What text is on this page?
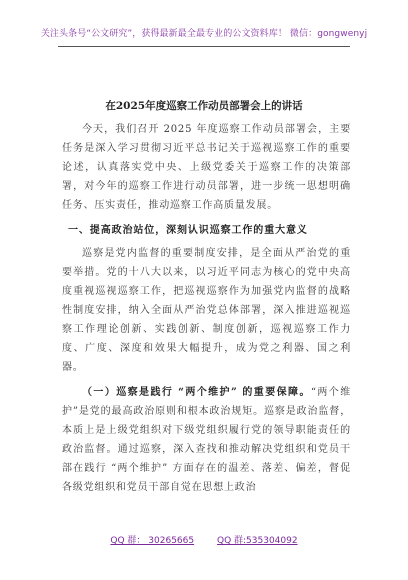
关注头条号“公文研究”，获得最新最全最专业的公文资料库！ 微信：gongwenyj
在2025年度巡察工作动员部署会上的讲话

今天，我们召开 2025 年度巡察工作动员部署会，主要任务是深入学习贯彻习近平总书记关于巡视巡察工作的重要论述，认真落实党中央、上级党委关于巡察工作的决策部署，对今年的巡察工作进行动员部署，进一步统一思想明确任务、压实责任，推动巡察工作高质量发展。

一、提高政治站位，深刻认识巡察工作的重大意义

巡察是党内监督的重要制度安排，是全面从严治党的重要举措。党的十八大以来，以习近平同志为核心的党中央高度重视巡视巡察工作，把巡视巡察作为加强党内监督的战略性制度安排，纳入全面从严治党总体部署，深入推进巡视巡察工作理论创新、实践创新、制度创新，巡视巡察工作力度、广度、深度和效果大幅提升，成为党之利器、国之利器。

（一）巡察是践行 “两个维护” 的重要保障。“两个维护”是党的最高政治原则和根本政治规矩。巡察是政治监督，本质上是上级党组织对下级党组织履行党的领导职能责任的政治监督。通过巡察，深入查找和推动解决党组织和党员干部在践行 “两个维护” 方面存在的温差、落差、偏差，督促各级党组织和党员干部自觉在思想上政治

QQ 群： 30265665	QQ 群:535304092
